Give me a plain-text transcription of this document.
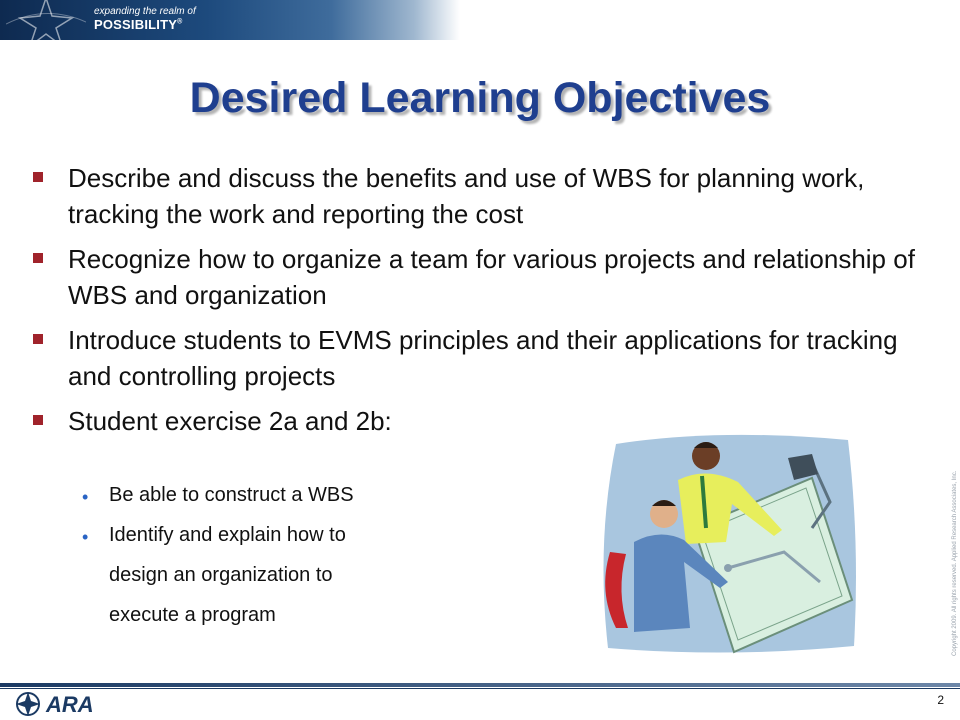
expanding the realm of
POSSIBILITY®
Desired Learning Objectives
Describe and discuss the benefits and use of WBS for planning work, tracking the work and reporting the cost
Recognize how to organize a team for various projects and relationship of WBS and organization
Introduce students to EVMS principles and their applications for tracking and controlling projects
Student exercise 2a and 2b:
• Be able to construct a WBS
• Identify and explain how to
design an organization to
execute a program	Copyright 2009. All rights reserved. Applied Research Associates, Inc.
ARA	2
